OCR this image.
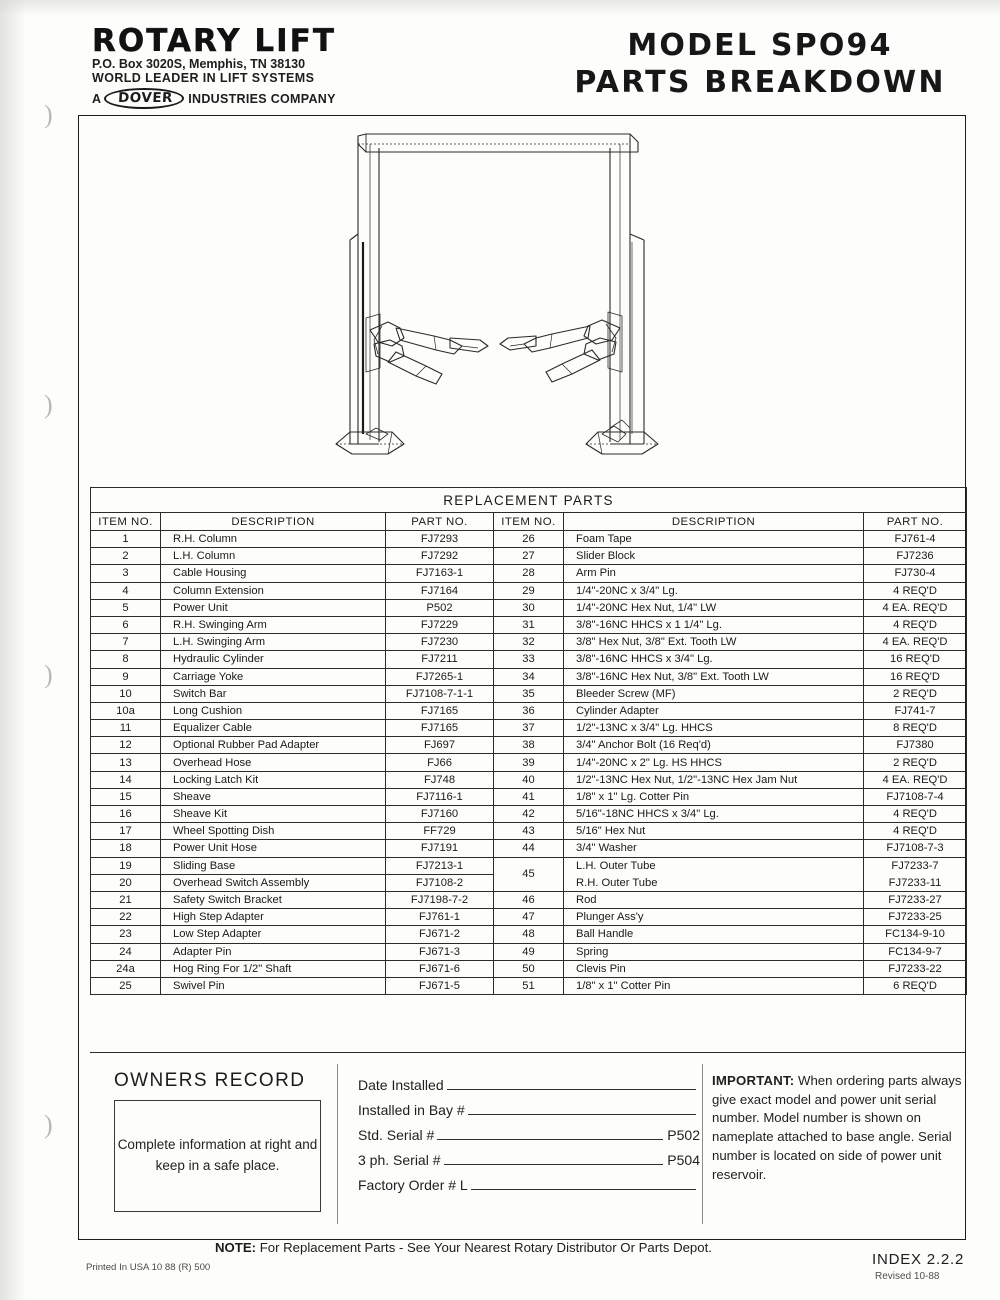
)
)
)
)
ROTARY LIFT
P.O. Box 3020S, Memphis, TN 38130
WORLD LEADER IN LIFT SYSTEMS
A	DOVER	INDUSTRIES COMPANY
MODEL SPO94
PARTS BREAKDOWN
REPLACEMENT PARTS					
ITEM NO.	DESCRIPTION	PART NO.	ITEM NO.	DESCRIPTION	PART NO.
1	R.H. Column	FJ7293	26	Foam Tape	FJ761-4
2	L.H. Column	FJ7292	27	Slider Block	FJ7236
3	Cable Housing	FJ7163-1	28	Arm Pin	FJ730-4
4	Column Extension	FJ7164	29	1/4"-20NC x 3/4" Lg.	4 REQ'D
5	Power Unit	P502	30	1/4"-20NC Hex Nut, 1/4" LW	4 EA. REQ'D
6	R.H. Swinging Arm	FJ7229	31	3/8"-16NC HHCS x 1 1/4" Lg.	4 REQ'D
7	L.H. Swinging Arm	FJ7230	32	3/8" Hex Nut, 3/8" Ext. Tooth LW	4 EA. REQ'D
8	Hydraulic Cylinder	FJ7211	33	3/8"-16NC HHCS x 3/4" Lg.	16 REQ'D
9	Carriage Yoke	FJ7265-1	34	3/8"-16NC Hex Nut, 3/8" Ext. Tooth LW	16 REQ'D
10	Switch Bar	FJ7108-7-1-1	35	Bleeder Screw (MF)	2 REQ'D
10a	Long Cushion	FJ7165	36	Cylinder Adapter	FJ741-7
11	Equalizer Cable	FJ7165	37	1/2"-13NC x 3/4" Lg. HHCS	8 REQ'D
12	Optional Rubber Pad Adapter	FJ697	38	3/4" Anchor Bolt (16 Req'd)	FJ7380
13	Overhead Hose	FJ66	39	1/4"-20NC x 2" Lg. HS HHCS	2 REQ'D
14	Locking Latch Kit	FJ748	40	1/2"-13NC Hex Nut, 1/2"-13NC Hex Jam Nut	4 EA. REQ'D
15	Sheave	FJ7116-1	41	1/8" x 1" Lg. Cotter Pin	FJ7108-7-4
16	Sheave Kit	FJ7160	42	5/16"-18NC HHCS x 3/4" Lg.	4 REQ'D
17	Wheel Spotting Dish	FF729	43	5/16" Hex Nut	4 REQ'D
18	Power Unit Hose	FJ7191	44	3/4" Washer	FJ7108-7-3
19	Sliding Base	FJ7213-1	45	L.H. Outer Tube	FJ7233-7
20	Overhead Switch Assembly	FJ7108-2		R.H. Outer Tube	FJ7233-11
21	Safety Switch Bracket	FJ7198-7-2	46	Rod	FJ7233-27
22	High Step Adapter	FJ761-1	47	Plunger Ass'y	FJ7233-25
23	Low Step Adapter	FJ671-2	48	Ball Handle	FC134-9-10
24	Adapter Pin	FJ671-3	49	Spring	FC134-9-7
24a	Hog Ring For 1/2" Shaft	FJ671-6	50	Clevis Pin	FJ7233-22
25	Swivel Pin	FJ671-5	51	1/8" x 1" Cotter Pin	6 REQ'D
OWNERS RECORD
Complete information at right and keep in a safe place.
Date Installed
Installed in Bay #
Std. Serial #	P502
3 ph. Serial #	P504
Factory Order # L
IMPORTANT: When ordering parts always give exact model and power unit serial number. Model number is shown on nameplate attached to base angle. Serial number is located on side of power unit reservoir.
NOTE: For Replacement Parts - See Your Nearest Rotary Distributor Or Parts Depot.
Printed In USA 10 88 (R) 500	INDEX 2.2.2
Revised 10-88
